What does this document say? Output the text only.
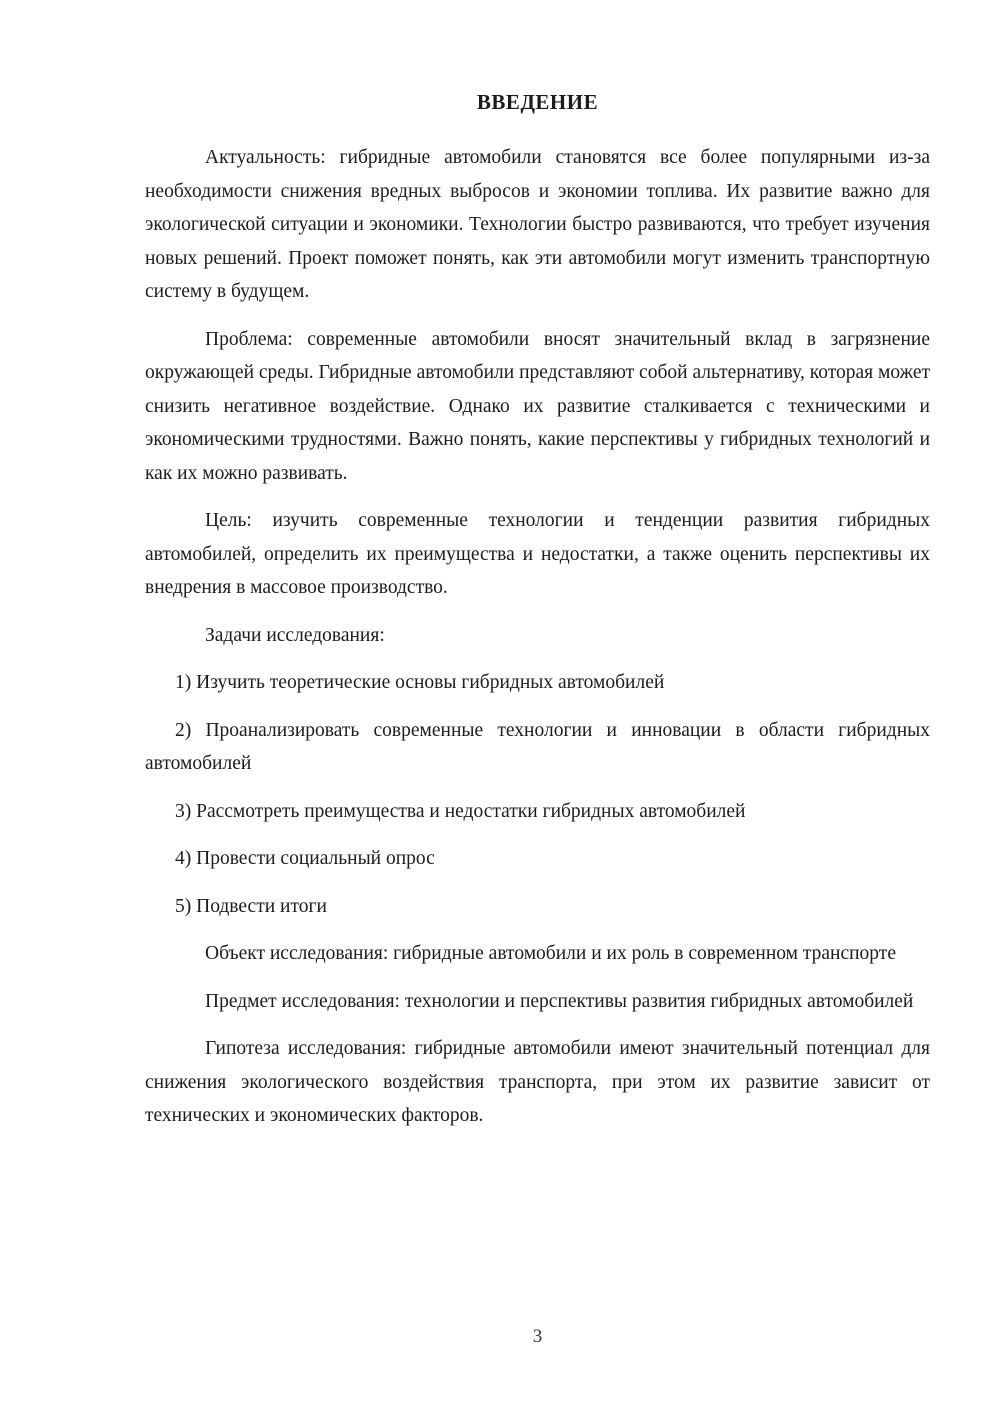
ВВЕДЕНИЕ

Актуальность: гибридные автомобили становятся все более популярными из-за необходимости снижения вредных выбросов и экономии топлива. Их развитие важно для экологической ситуации и экономики. Технологии быстро развиваются, что требует изучения новых решений. Проект поможет понять, как эти автомобили могут изменить транспортную систему в будущем.

Проблема: современные автомобили вносят значительный вклад в загрязнение окружающей среды. Гибридные автомобили представляют собой альтернативу, которая может снизить негативное воздействие. Однако их развитие сталкивается с техническими и экономическими трудностями. Важно понять, какие перспективы у гибридных технологий и как их можно развивать.

Цель: изучить современные технологии и тенденции развития гибридных автомобилей, определить их преимущества и недостатки, а также оценить перспективы их внедрения в массовое производство.

Задачи исследования:

1) Изучить теоретические основы гибридных автомобилей

2) Проанализировать современные технологии и инновации в области гибридных автомобилей

3) Рассмотреть преимущества и недостатки гибридных автомобилей

4) Провести социальный опрос

5) Подвести итоги

Объект исследования: гибридные автомобили и их роль в современном транспорте

Предмет исследования: технологии и перспективы развития гибридных автомобилей

Гипотеза исследования: гибридные автомобили имеют значительный потенциал для снижения экологического воздействия транспорта, при этом их развитие зависит от технических и экономических факторов.

3
